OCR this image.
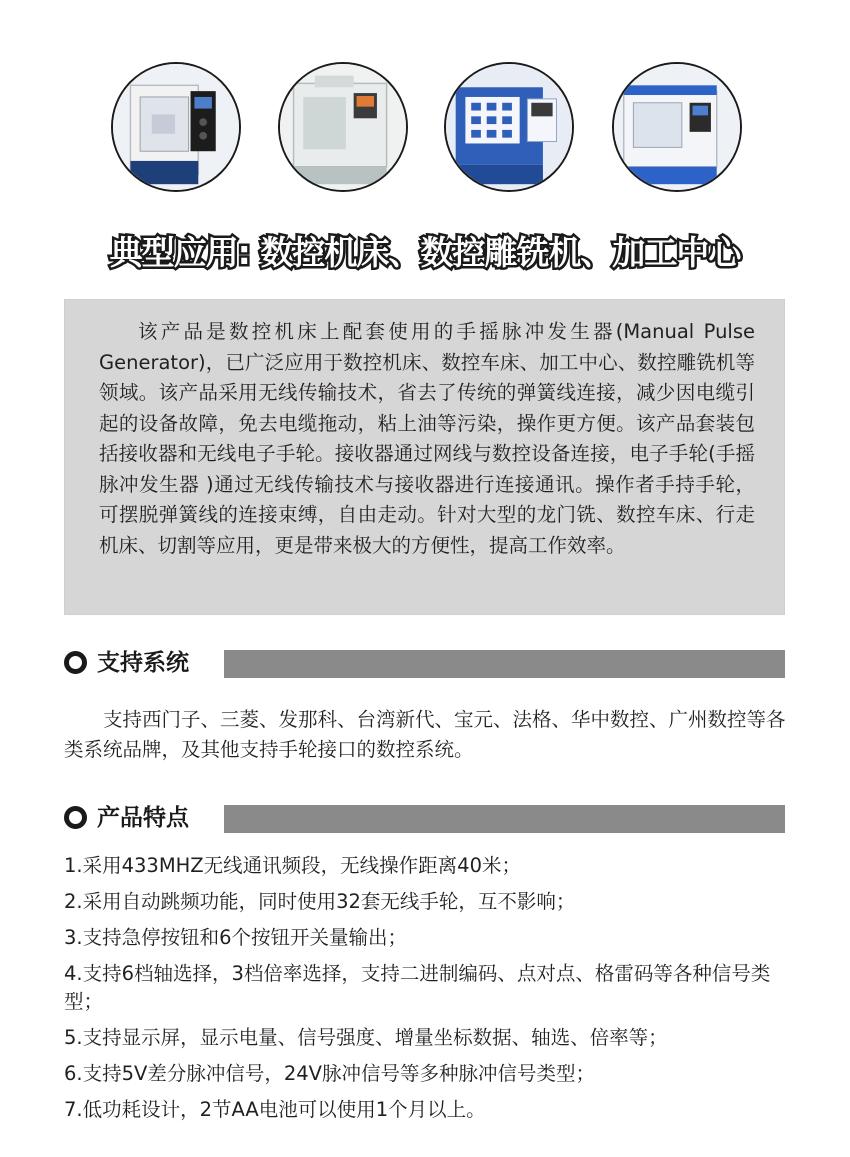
典型应用: 数控机床、数控雕铣机、加工中心

该产品是数控机床上配套使用的手摇脉冲发生器(Manual Pulse Generator)，已广泛应用于数控机床、数控车床、加工中心、数控雕铣机等领域。该产品采用无线传输技术，省去了传统的弹簧线连接，减少因电缆引起的设备故障，免去电缆拖动，粘上油等污染，操作更方便。该产品套装包括接收器和无线电子手轮。接收器通过网线与数控设备连接，电子手轮(手摇脉冲发生器 )通过无线传输技术与接收器进行连接通讯。操作者手持手轮，可摆脱弹簧线的连接束缚，自由走动。针对大型的龙门铣、数控车床、行走机床、切割等应用，更是带来极大的方便性，提高工作效率。

支持系统

支持西门子、三菱、发那科、台湾新代、宝元、法格、华中数控、广州数控等各类系统品牌，及其他支持手轮接口的数控系统。

产品特点
1.采用433MHZ无线通讯频段，无线操作距离40米；
2.采用自动跳频功能，同时使用32套无线手轮，互不影响；
3.支持急停按钮和6个按钮开关量输出；
4.支持6档轴选择，3档倍率选择，支持二进制编码、点对点、格雷码等各种信号类型；
5.支持显示屏，显示电量、信号强度、增量坐标数据、轴选、倍率等；
6.支持5V差分脉冲信号，24V脉冲信号等多种脉冲信号类型；
7.低功耗设计，2节AA电池可以使用1个月以上。
